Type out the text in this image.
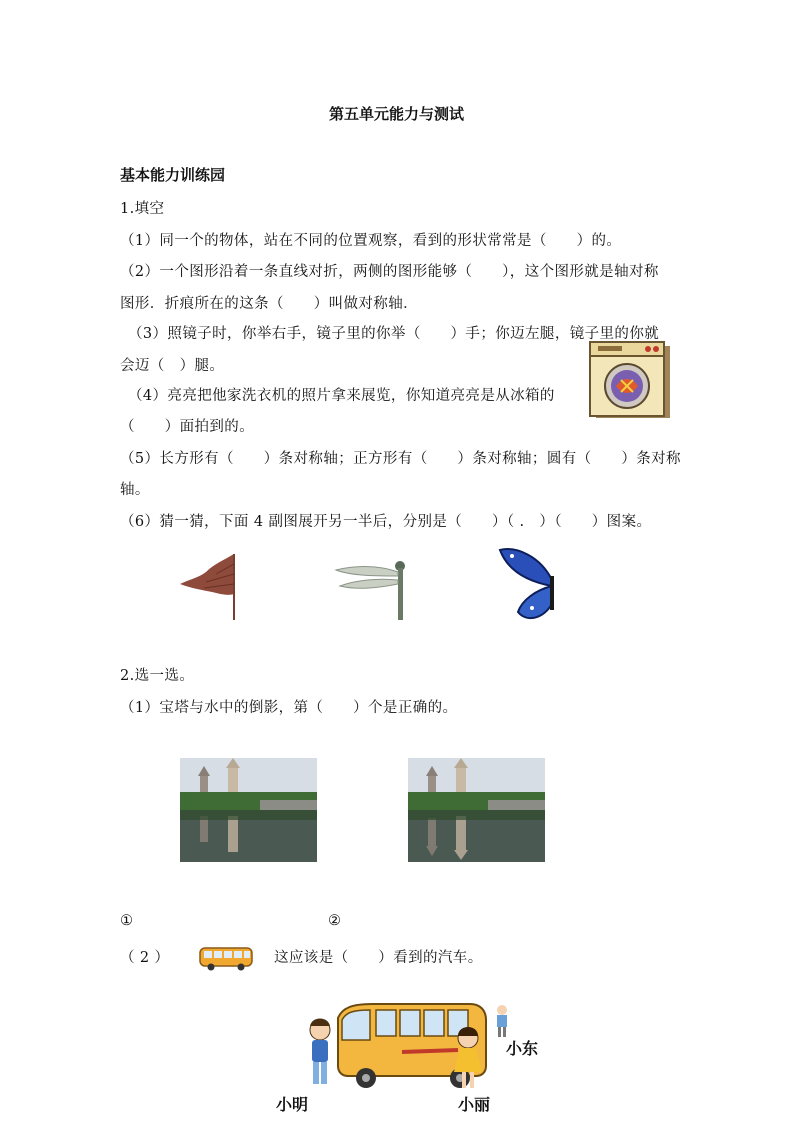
第五单元能力与测试
基本能力训练园
1.填空
（1）同一个的物体，站在不同的位置观察，看到的形状常常是（　　）的。
（2）一个图形沿着一条直线对折，两侧的图形能够（　　），这个图形就是轴对称
图形．折痕所在的这条（　　）叫做对称轴．
（3）照镜子时，你举右手，镜子里的你举（　　）手；你迈左腿，镜子里的你就
会迈（　）腿。
（4）亮亮把他家洗衣机的照片拿来展览，你知道亮亮是从冰箱的
（　　）面拍到的。
（5）长方形有（　　）条对称轴；正方形有（　　）条对称轴；圆有（　　）条对称
轴。
（6）猜一猜，下面 4 副图展开另一半后，分别是（　　）（ .　）（　　）图案。
2.选一选。
（1）宝塔与水中的倒影，第（　　）个是正确的。
①	②
（ 2 ）	这应该是（　　）看到的汽车。
小东
小明	小丽
